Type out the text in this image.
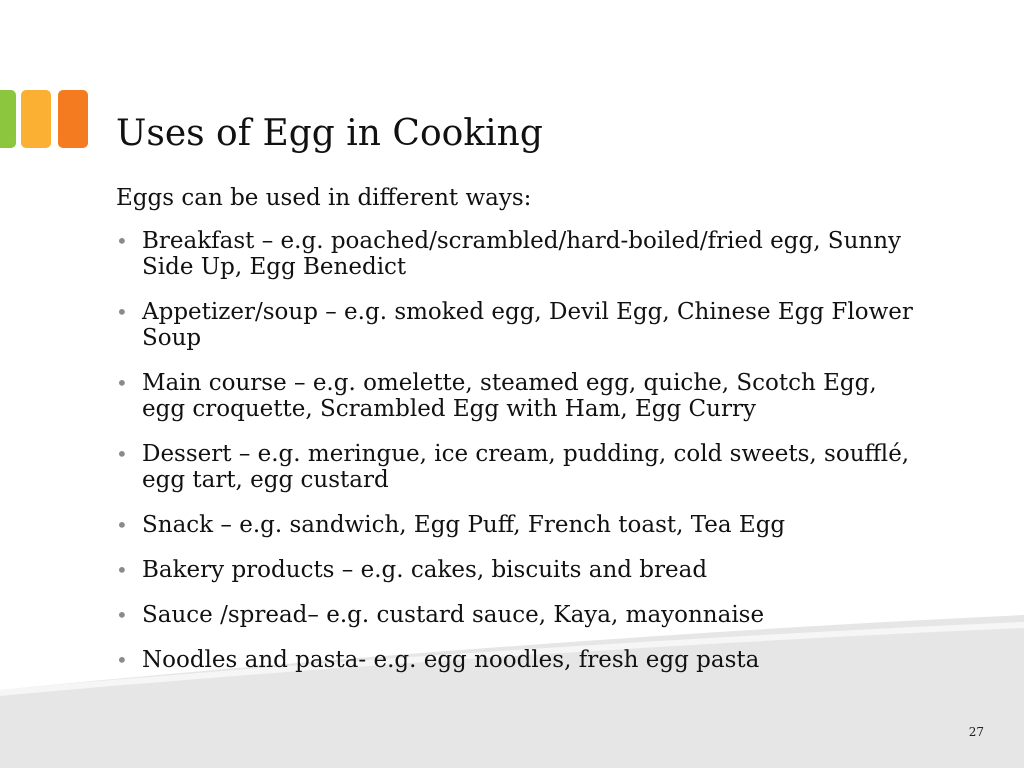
Uses of Egg in Cooking

Eggs can be used in different ways:

• Breakfast – e.g. poached/scrambled/hard-boiled/fried egg, Sunny Side Up, Egg Benedict
• Appetizer/soup – e.g. smoked egg, Devil Egg, Chinese Egg Flower Soup
• Main course – e.g. omelette, steamed egg, quiche, Scotch Egg, egg croquette, Scrambled Egg with Ham, Egg Curry
• Dessert – e.g. meringue, ice cream, pudding, cold sweets, soufflé, egg tart, egg custard
• Snack – e.g. sandwich, Egg Puff, French toast, Tea Egg
• Bakery products – e.g. cakes, biscuits and bread
• Sauce /spread– e.g. custard sauce, Kaya, mayonnaise
• Noodles and pasta- e.g. egg noodles, fresh egg pasta
27
